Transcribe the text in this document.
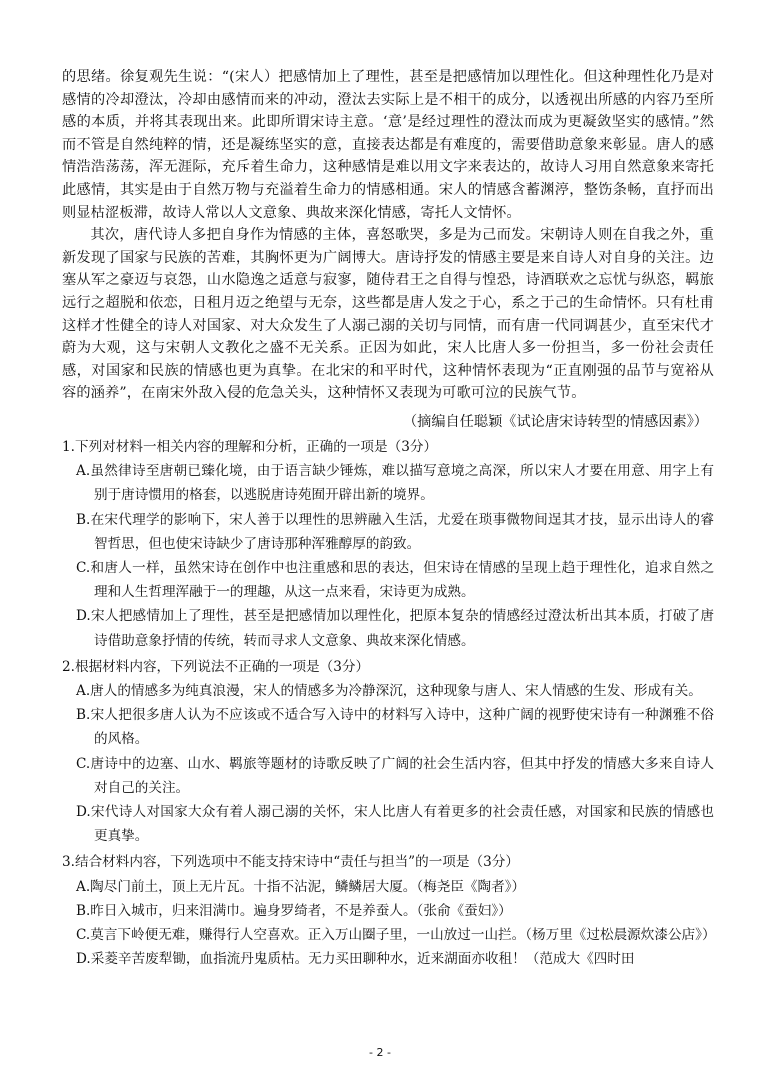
的思绪。徐复观先生说：“(宋人）把感情加上了理性，甚至是把感情加以理性化。但这种理性化乃是对感情的冷却澄汰，冷却由感情而来的冲动，澄汰去实际上是不相干的成分，以透视出所感的内容乃至所感的本质，并将其表现出来。此即所谓宋诗主意。‘意’是经过理性的澄汰而成为更凝敛坚实的感情。”然而不管是自然纯粹的情，还是凝练坚实的意，直接表达都是有难度的，需要借助意象来彰显。唐人的感情浩浩荡荡，浑无涯际，充斥着生命力，这种感情是难以用文字来表达的，故诗人习用自然意象来寄托此感情，其实是由于自然万物与充溢着生命力的情感相通。宋人的情感含蓄渊渟，整饬条畅，直抒而出则显枯涩板滞，故诗人常以人文意象、典故来深化情感，寄托人文情怀。

其次，唐代诗人多把自身作为情感的主体，喜怒歌哭，多是为己而发。宋朝诗人则在自我之外，重新发现了国家与民族的苦难，其胸怀更为广阔博大。唐诗抒发的情感主要是来自诗人对自身的关注。边塞从军之豪迈与哀怨，山水隐逸之适意与寂寥，随侍君王之自得与惶恐，诗酒联欢之忘忧与纵恣，羁旅远行之超脱和依恋，日租月迈之绝望与无奈，这些都是唐人发之于心，系之于己的生命情怀。只有杜甫这样才性健全的诗人对国家、对大众发生了人溺己溺的关切与同情，而有唐一代同调甚少，直至宋代才蔚为大观，这与宋朝人文教化之盛不无关系。正因为如此，宋人比唐人多一份担当，多一份社会责任感，对国家和民族的情感也更为真挚。在北宋的和平时代，这种情怀表现为“正直刚强的品节与宽裕从容的涵养”，在南宋外敌入侵的危急关头，这种情怀又表现为可歌可泣的民族气节。

（摘编自任聪颖《试论唐宋诗转型的情感因素》）

1.下列对材料一相关内容的理解和分析，正确的一项是（3分）

A.虽然律诗至唐朝已臻化境，由于语言缺少锤炼，难以描写意境之高深，所以宋人才要在用意、用字上有别于唐诗惯用的格套，以逃脱唐诗苑囿开辟出新的境界。

B.在宋代理学的影响下，宋人善于以理性的思辨融入生活，尤爱在琐事微物间逞其才技，显示出诗人的睿智哲思，但也使宋诗缺少了唐诗那种浑雅醇厚的韵致。

C.和唐人一样，虽然宋诗在创作中也注重感和思的表达，但宋诗在情感的呈现上趋于理性化，追求自然之理和人生哲理浑融于一的理趣，从这一点来看，宋诗更为成熟。

D.宋人把感情加上了理性，甚至是把感情加以理性化，把原本复杂的情感经过澄汰析出其本质，打破了唐诗借助意象抒情的传统，转而寻求人文意象、典故来深化情感。

2.根据材料内容，下列说法不正确的一项是（3分）

A.唐人的情感多为纯真浪漫，宋人的情感多为冷静深沉，这种现象与唐人、宋人情感的生发、形成有关。

B.宋人把很多唐人认为不应该或不适合写入诗中的材料写入诗中，这种广阔的视野使宋诗有一种渊雅不俗的风格。

C.唐诗中的边塞、山水、羁旅等题材的诗歌反映了广阔的社会生活内容，但其中抒发的情感大多来自诗人对自己的关注。

D.宋代诗人对国家大众有着人溺己溺的关怀，宋人比唐人有着更多的社会责任感，对国家和民族的情感也更真挚。

3.结合材料内容，下列选项中不能支持宋诗中“责任与担当”的一项是（3分）

A.陶尽门前土，顶上无片瓦。十指不沾泥，鳞鳞居大厦。（梅尧臣《陶者》）

B.昨日入城市，归来泪满巾。遍身罗绮者，不是养蚕人。（张俞《蚕妇》）

C.莫言下岭便无难，赚得行人空喜欢。正入万山圈子里，一山放过一山拦。（杨万里《过松晨源炊漆公店》）

D.采菱辛苦废犁锄，血指流丹鬼质枯。无力买田聊种水，近来湖面亦收租！（范成大《四时田

- 2 -
